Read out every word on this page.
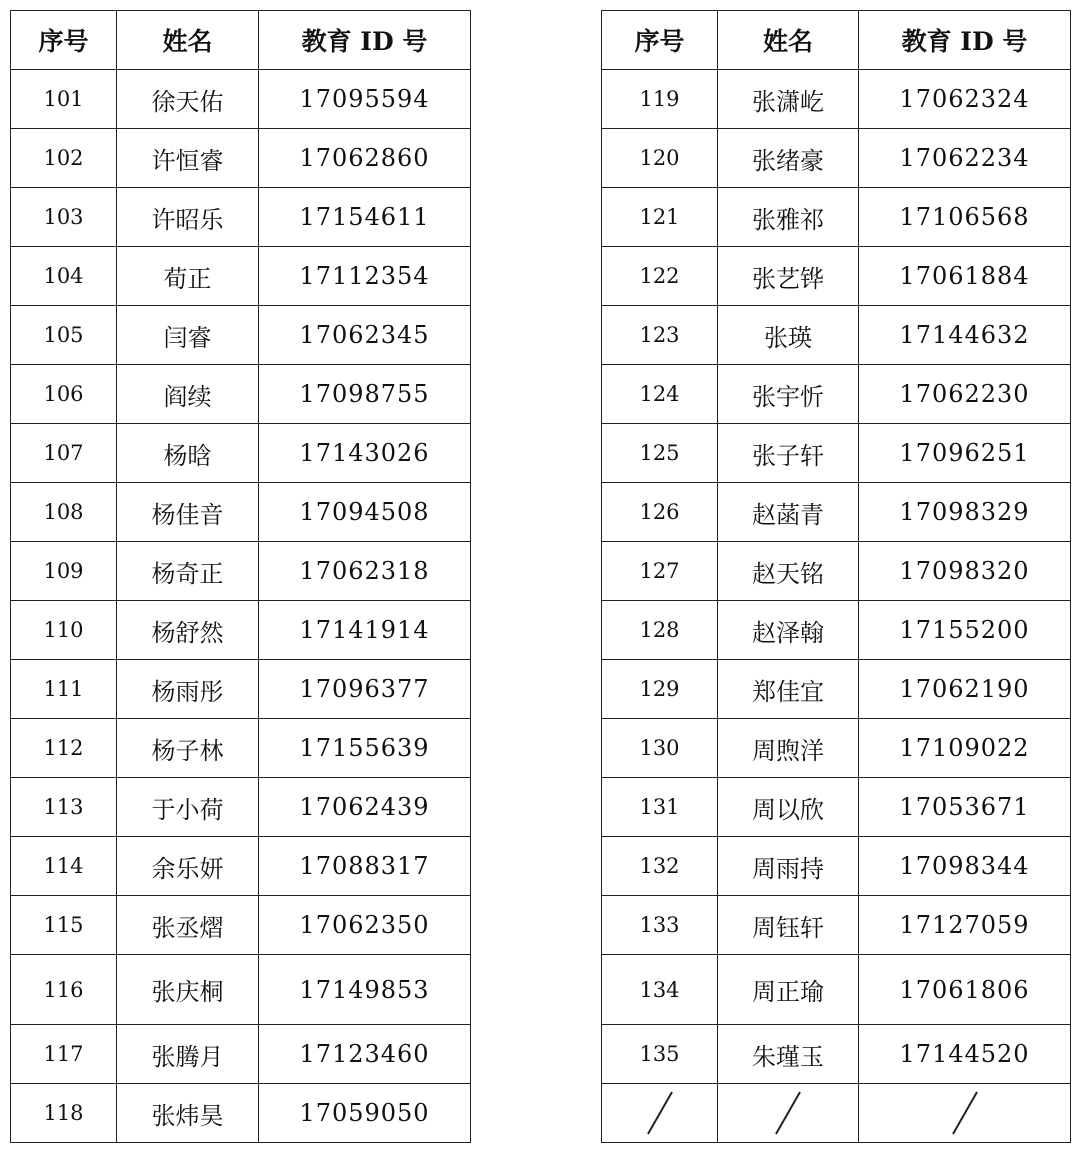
序号	姓名	教育 ID 号
101	徐天佑	17095594
102	许恒睿	17062860
103	许昭乐	17154611
104	荀正	17112354
105	闫睿	17062345
106	阎续	17098755
107	杨晗	17143026
108	杨佳音	17094508
109	杨奇正	17062318
110	杨舒然	17141914
111	杨雨彤	17096377
112	杨子林	17155639
113	于小荷	17062439
114	余乐妍	17088317
115	张丞熠	17062350
116	张庆桐	17149853
117	张腾月	17123460
118	张炜昊	17059050
序号	姓名	教育 ID 号
119	张潇屹	17062324
120	张绪豪	17062234
121	张雅祁	17106568
122	张艺铧	17061884
123	张瑛	17144632
124	张宇忻	17062230
125	张子轩	17096251
126	赵菡青	17098329
127	赵天铭	17098320
128	赵泽翰	17155200
129	郑佳宜	17062190
130	周煦洋	17109022
131	周以欣	17053671
132	周雨持	17098344
133	周钰轩	17127059
134	周正瑜	17061806
135	朱瑾玉	17144520
